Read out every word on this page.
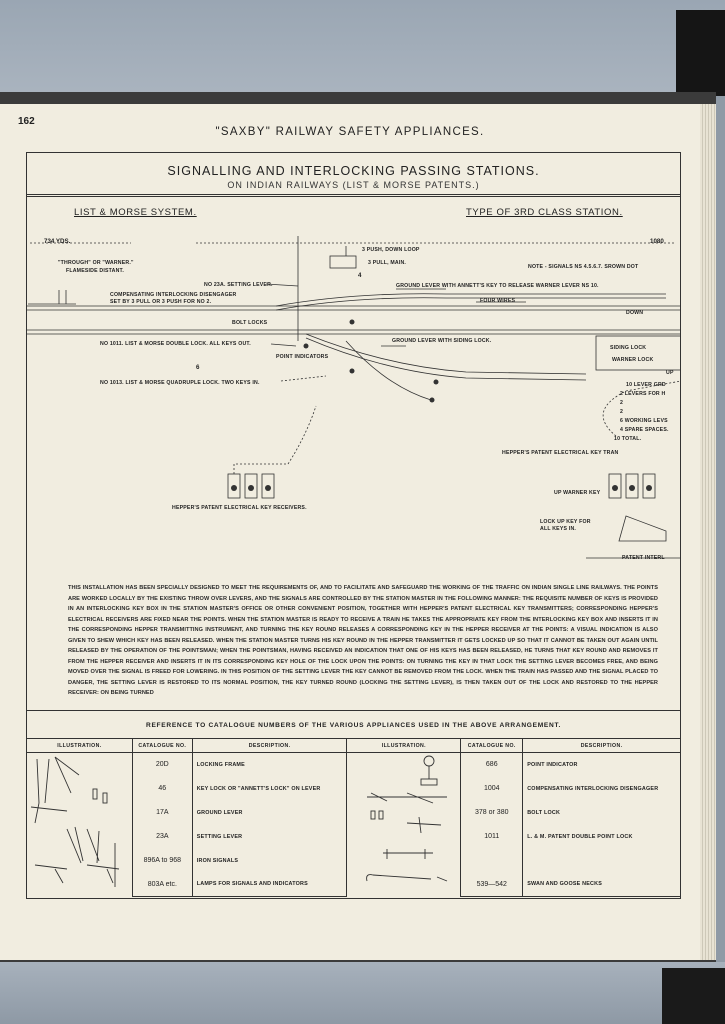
162
"SAXBY" RAILWAY SAFETY APPLIANCES.
SIGNALLING AND INTERLOCKING PASSING STATIONS.
ON INDIAN RAILWAYS (LIST & MORSE PATENTS.)
LIST & MORSE SYSTEM.	TYPE OF 3RD CLASS STATION.
734 YDS.	1080
"THROUGH" OR "WARNER."
FLAMESIDE DISTANT.
NO 23A. SETTING LEVER.
COMPENSATING INTERLOCKING DISENGAGER
SET BY 3 PULL OR 3 PUSH FOR NO 2.
3 PUSH, DOWN LOOP
3 PULL, MAIN.
4
NOTE - SIGNALS NS 4.5.6.7. SROWN DOT
GROUND LEVER WITH ANNETT'S KEY TO RELEASE WARNER LEVER NS 10.
FOUR WIRES
DOWN
BOLT LOCKS
NO 1011. LIST & MORSE DOUBLE LOCK. ALL KEYS OUT.
POINT INDICATORS
GROUND LEVER WITH SIDING LOCK.
SIDING LOCK
WARNER LOCK
6
NO 1013. LIST & MORSE QUADRUPLE LOCK. TWO KEYS IN.
UP
10 LEVER GRD
2 LEVERS FOR H
2
2
6 WORKING LEVS
4 SPARE SPACES.
10 TOTAL.
HEPPER'S PATENT ELECTRICAL KEY TRAN
HEPPER'S PATENT ELECTRICAL KEY RECEIVERS.
UP WARNER KEY
LOCK UP KEY FOR
ALL KEYS IN.
PATENT INTERL
THIS INSTALLATION HAS BEEN SPECIALLY DESIGNED TO MEET THE REQUIREMENTS OF, AND TO FACILITATE AND SAFEGUARD THE WORKING OF THE TRAFFIC ON INDIAN SINGLE LINE RAILWAYS. THE POINTS ARE WORKED LOCALLY BY THE EXISTING THROW OVER LEVERS, AND THE SIGNALS ARE CONTROLLED BY THE STATION MASTER IN THE FOLLOWING MANNER: THE REQUISITE NUMBER OF KEYS IS PROVIDED IN AN INTERLOCKING KEY BOX IN THE STATION MASTER'S OFFICE OR OTHER CONVENIENT POSITION, TOGETHER WITH HEPPER'S PATENT ELECTRICAL KEY TRANSMITTERS; CORRESPONDING HEPPER'S ELECTRICAL RECEIVERS ARE FIXED NEAR THE POINTS. WHEN THE STATION MASTER IS READY TO RECEIVE A TRAIN HE TAKES THE APPROPRIATE KEY FROM THE INTERLOCKING KEY BOX AND INSERTS IT IN THE CORRESPONDING HEPPER TRANSMITTING INSTRUMENT, AND TURNING THE KEY ROUND RELEASES A CORRESPONDING KEY IN THE HEPPER RECEIVER AT THE POINTS: A VISUAL INDICATION IS ALSO GIVEN TO SHEW WHICH KEY HAS BEEN RELEASED. WHEN THE STATION MASTER TURNS HIS KEY ROUND IN THE HEPPER TRANSMITTER IT GETS LOCKED UP SO THAT IT CANNOT BE TAKEN OUT AGAIN UNTIL RELEASED BY THE OPERATION OF THE POINTSMAN; WHEN THE POINTSMAN, HAVING RECEIVED AN INDICATION THAT ONE OF HIS KEYS HAS BEEN RELEASED, HE TURNS THAT KEY ROUND AND REMOVES IT FROM THE HEPPER RECEIVER AND INSERTS IT IN ITS CORRESPONDING KEY HOLE OF THE LOCK UPON THE POINTS: ON TURNING THE KEY IN THAT LOCK THE SETTING LEVER BECOMES FREE, AND BEING MOVED OVER THE SIGNAL IS FREED FOR LOWERING. IN THIS POSITION OF THE SETTING LEVER THE KEY CANNOT BE REMOVED FROM THE LOCK. WHEN THE TRAIN HAS PASSED AND THE SIGNAL PLACED TO DANGER, THE SETTING LEVER IS RESTORED TO ITS NORMAL POSITION, THE KEY TURNED ROUND (LOCKING THE SETTING LEVER), IS THEN TAKEN OUT OF THE LOCK AND RESTORED TO THE HEPPER RECEIVER: ON BEING TURNED
REFERENCE TO CATALOGUE NUMBERS OF THE VARIOUS APPLIANCES USED IN THE ABOVE ARRANGEMENT.
ILLUSTRATION.	CATALOGUE NO.	DESCRIPTION.	ILLUSTRATION.	CATALOGUE NO.	DESCRIPTION.

	20D	LOCKING FRAME		686	POINT INDICATOR
	46	KEY LOCK OR "ANNETT'S LOCK" ON LEVER		1004	COMPENSATING INTERLOCKING DISENGAGER
	17A	GROUND LEVER		378 or 380	BOLT LOCK
	23A	SETTING LEVER		1011	L. & M. PATENT DOUBLE POINT LOCK
	896A to 968	IRON SIGNALS			
	803A etc.	LAMPS FOR SIGNALS AND INDICATORS		539—542	SWAN AND GOOSE NECKS
